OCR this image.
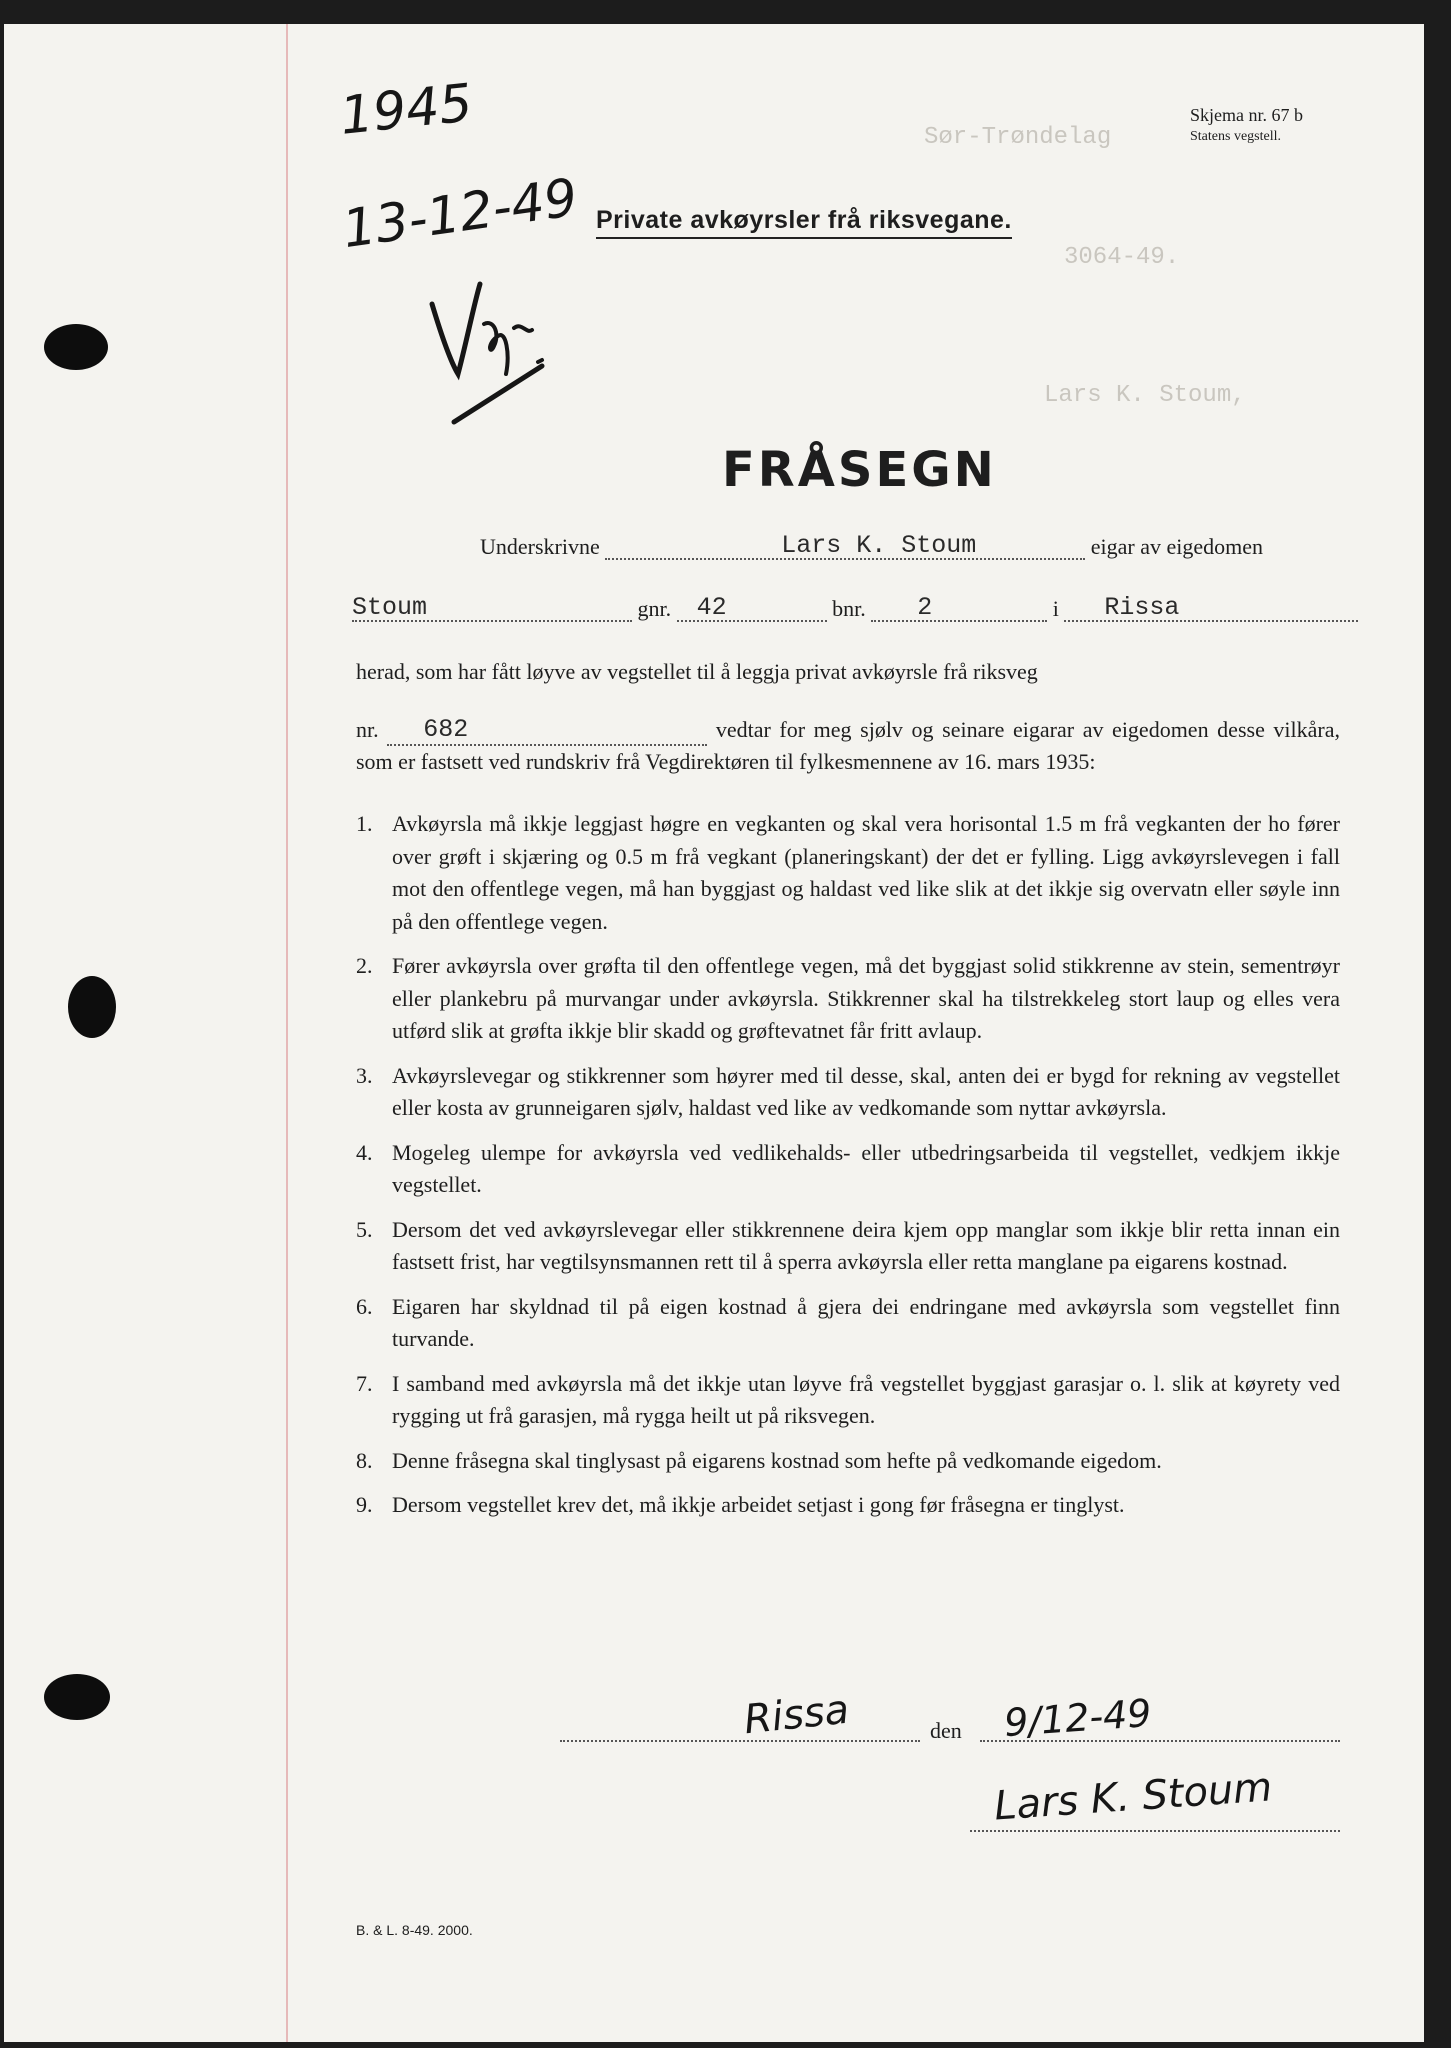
Sør-Trøndelag
3064-49.
Lars K. Stoum,
Skjema nr. 67 b
Statens vegstell.
1945
13-12-49 Private avkøyrsler frå riksvegane.
FRÅSEGN
Underskrivne	Lars K. Stoum	eigar av eigedomen
Stoum	gnr. 42	bnr. 2	i Rissa
herad, som har fått løyve av vegstellet til å leggja privat avkøyrsle frå riksveg
nr. 682	vedtar for meg sjølv og seinare eigarar av eigedomen desse vilkåra, som er fastsett ved rundskriv frå Vegdirektøren til fylkesmennene av 16. mars 1935:
1. Avkøyrsla må ikkje leggjast høgre en vegkanten og skal vera horisontal 1.5 m frå vegkanten der ho fører over grøft i skjæring og 0.5 m frå vegkant (planeringskant) der det er fylling. Ligg avkøyrslevegen i fall mot den offentlege vegen, må han byggjast og haldast ved like slik at det ikkje sig overvatn eller søyle inn på den offentlege vegen.
2. Fører avkøyrsla over grøfta til den offentlege vegen, må det byggjast solid stikkrenne av stein, sementrøyr eller plankebru på murvangar under avkøyrsla. Stikkrenner skal ha tilstrekkeleg stort laup og elles vera utførd slik at grøfta ikkje blir skadd og grøftevatnet får fritt avlaup.
3. Avkøyrslevegar og stikkrenner som høyrer med til desse, skal, anten dei er bygd for rekning av vegstellet eller kosta av grunneigaren sjølv, haldast ved like av vedkomande som nyttar avkøyrsla.
4. Mogeleg ulempe for avkøyrsla ved vedlikehalds- eller utbedringsarbeida til vegstellet, vedkjem ikkje vegstellet.
5. Dersom det ved avkøyrslevegar eller stikkrennene deira kjem opp manglar som ikkje blir retta innan ein fastsett frist, har vegtilsynsmannen rett til å sperra avkøyrsla eller retta manglane pa eigarens kostnad.
6. Eigaren har skyldnad til på eigen kostnad å gjera dei endringane med avkøyrsla som vegstellet finn turvande.
7. I samband med avkøyrsla må det ikkje utan løyve frå vegstellet byggjast garasjar o. l. slik at køyrety ved rygging ut frå garasjen, må rygga heilt ut på riksvegen.
8. Denne fråsegna skal tinglysast på eigarens kostnad som hefte på vedkomande eigedom.
9. Dersom vegstellet krev det, må ikkje arbeidet setjast i gong før fråsegna er tinglyst.
den
Rissa	9/12-49
Lars K. Stoum
B. & L. 8-49. 2000.
